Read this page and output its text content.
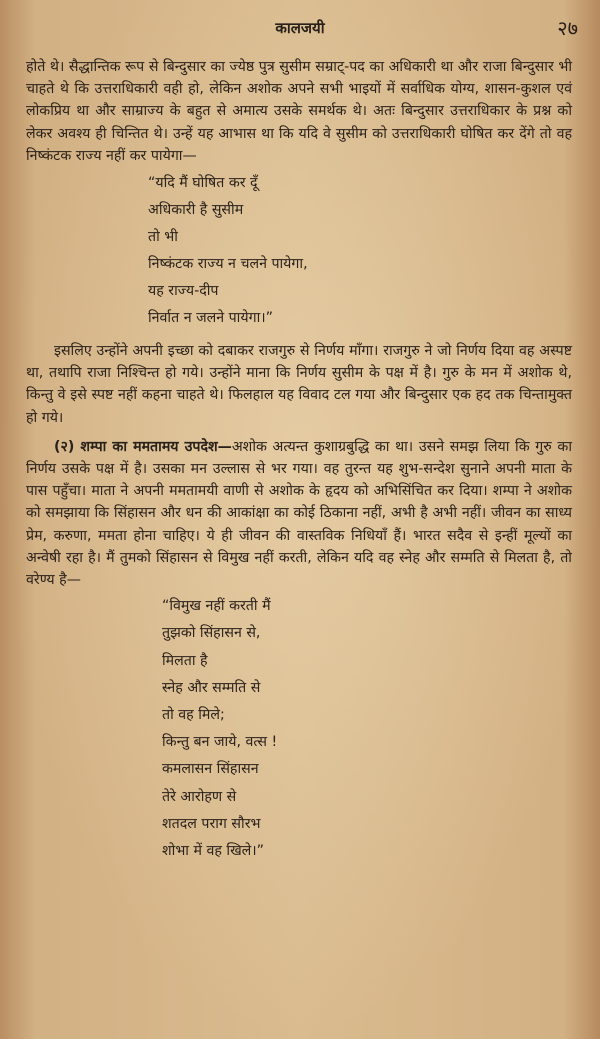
कालजयी	२७

होते थे। सैद्धान्तिक रूप से बिन्दुसार का ज्येष्ठ पुत्र सुसीम सम्राट्-पद का अधिकारी था और राजा बिन्दुसार भी चाहते थे कि उत्तराधिकारी वही हो, लेकिन अशोक अपने सभी भाइयों में सर्वाधिक योग्य, शासन-कुशल एवं लोकप्रिय था और साम्राज्य के बहुत से अमात्य उसके समर्थक थे। अतः बिन्दुसार उत्तराधिकार के प्रश्न को लेकर अवश्य ही चिन्तित थे। उन्हें यह आभास था कि यदि वे सुसीम को उत्तराधिकारी घोषित कर देंगे तो वह निष्कंटक राज्य नहीं कर पायेगा—

“यदि मैं घोषित कर दूँ
अधिकारी है सुसीम
तो भी
निष्कंटक राज्य न चलने पायेगा,
यह राज्य-दीप
निर्वात न जलने पायेगा।”

इसलिए उन्होंने अपनी इच्छा को दबाकर राजगुरु से निर्णय माँगा। राजगुरु ने जो निर्णय दिया वह अस्पष्ट था, तथापि राजा निश्चिन्त हो गये। उन्होंने माना कि निर्णय सुसीम के पक्ष में है। गुरु के मन में अशोक थे, किन्तु वे इसे स्पष्ट नहीं कहना चाहते थे। फिलहाल यह विवाद टल गया और बिन्दुसार एक हद तक चिन्तामुक्त हो गये।

(२) शम्पा का ममतामय उपदेश—अशोक अत्यन्त कुशाग्रबुद्धि का था। उसने समझ लिया कि गुरु का निर्णय उसके पक्ष में है। उसका मन उल्लास से भर गया। वह तुरन्त यह शुभ-सन्देश सुनाने अपनी माता के पास पहुँचा। माता ने अपनी ममतामयी वाणी से अशोक के हृदय को अभिसिंचित कर दिया। शम्पा ने अशोक को समझाया कि सिंहासन और धन की आकांक्षा का कोई ठिकाना नहीं, अभी है अभी नहीं। जीवन का साध्य प्रेम, करुणा, ममता होना चाहिए। ये ही जीवन की वास्तविक निधियाँ हैं। भारत सदैव से इन्हीं मूल्यों का अन्वेषी रहा है। मैं तुमको सिंहासन से विमुख नहीं करती, लेकिन यदि वह स्नेह और सम्मति से मिलता है, तो वरेण्य है—

“विमुख नहीं करती मैं
तुझको सिंहासन से,
मिलता है
स्नेह और सम्मति से
तो वह मिले;
किन्तु बन जाये, वत्स !
कमलासन सिंहासन
तेरे आरोहण से
शतदल पराग सौरभ
शोभा में वह खिले।”
